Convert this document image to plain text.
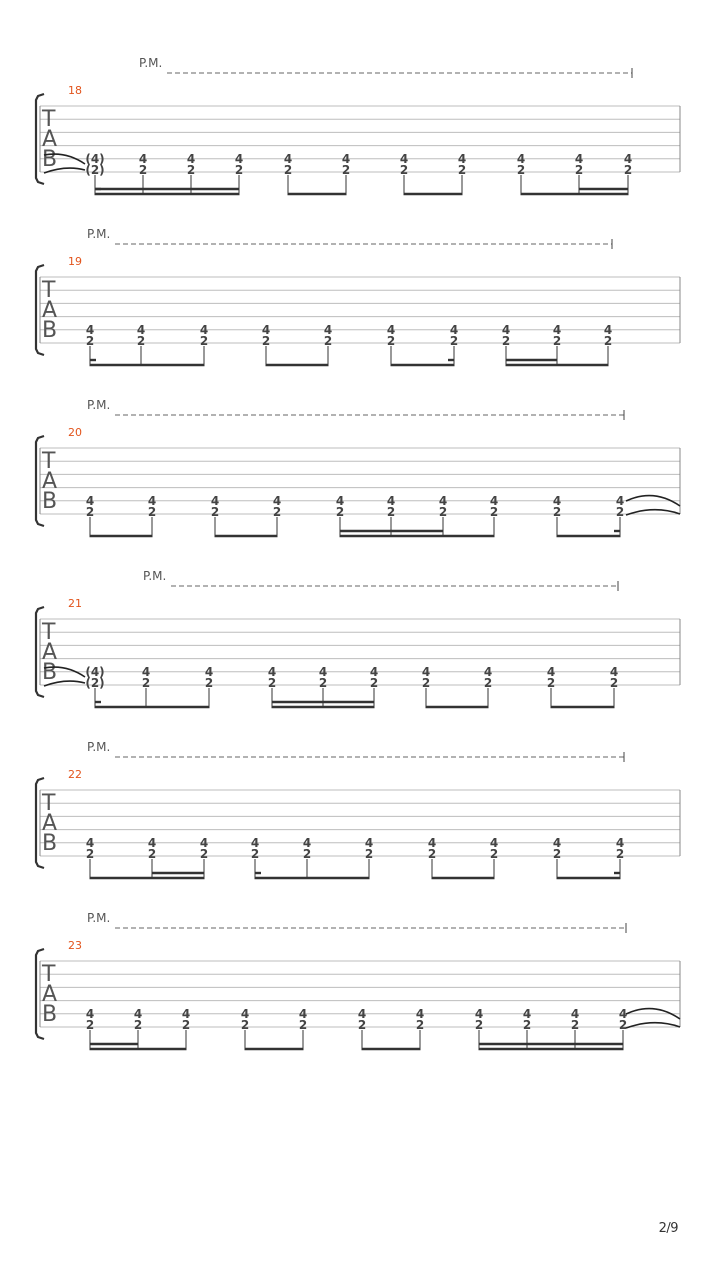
P.M.
18
T
A
B (4)
(2)
4
2
4
2
4
2
4
2
4
2
4
2
4
2
4
2
4
2
4
2
P.M.
19
T
A
B 4
2
4
2
4
2
4
2
4
2
4
2
4
2
4
2
4
2
4
2
P.M.
20
T
A
B 4
2
4
2
4
2
4
2
4
2
4
2
4
2
4
2
4
2
4
2
P.M.
21
T
A
B (4)
(2)
4
2
4
2
4
2
4
2
4
2
4
2
4
2
4
2
4
2
P.M.
22
T
A
B 4
2
4
2
4
2
4
2
4
2
4
2
4
2
4
2
4
2
4
2
P.M.
23
T
A
B 4
2
4
2
4
2
4
2
4
2
4
2
4
2
4
2
4
2
4
2
4
2
2/9
